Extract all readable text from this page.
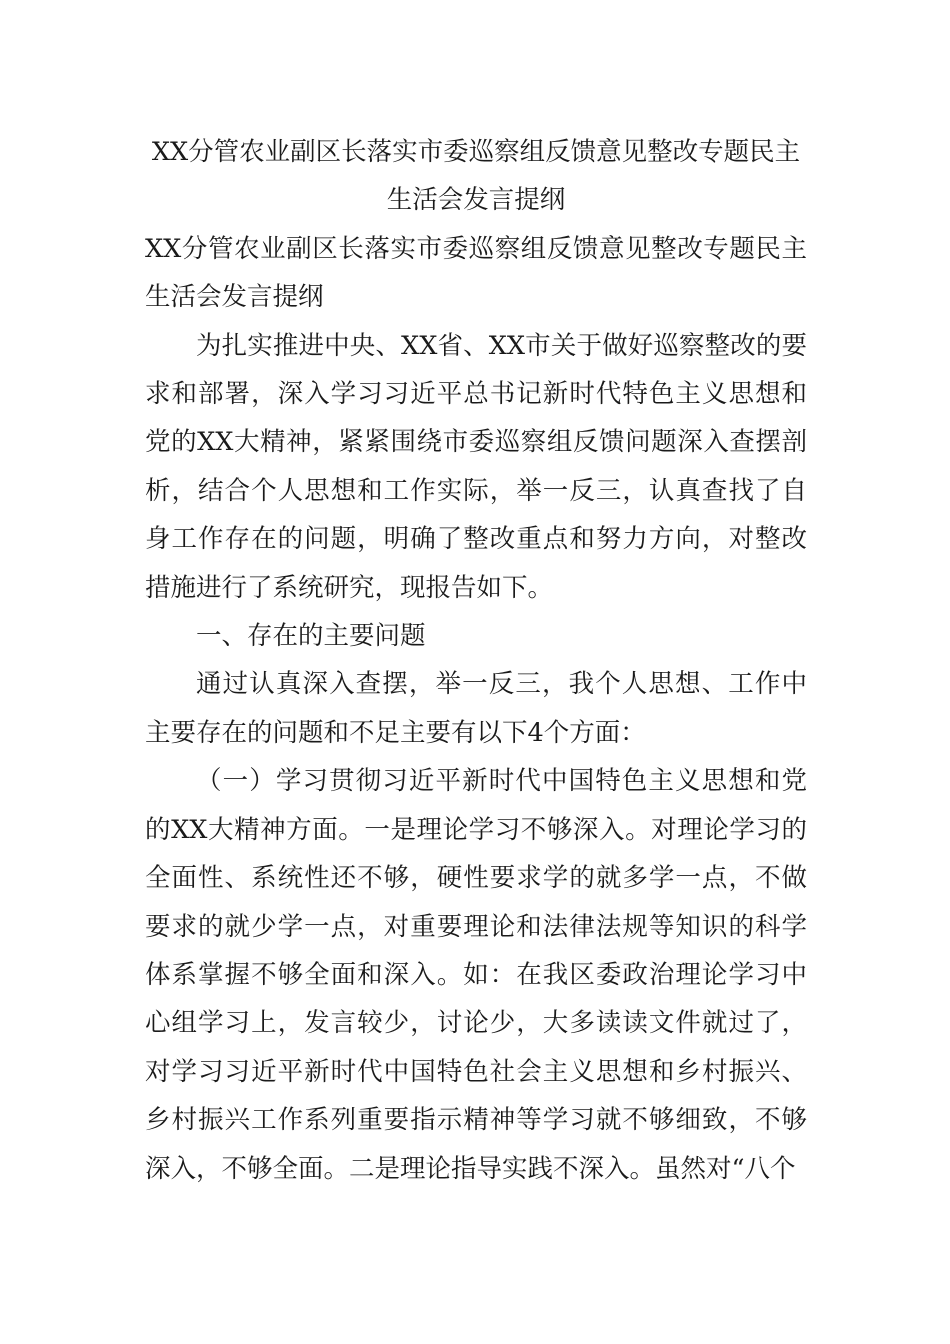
XX分管农业副区长落实市委巡察组反馈意见整改专题民主生活会发言提纲

XX分管农业副区长落实市委巡察组反馈意见整改专题民主生活会发言提纲

为扎实推进中央、XX省、XX市关于做好巡察整改的要求和部署，深入学习习近平总书记新时代特色主义思想和党的XX大精神，紧紧围绕市委巡察组反馈问题深入查摆剖析，结合个人思想和工作实际，举一反三，认真查找了自身工作存在的问题，明确了整改重点和努力方向，对整改措施进行了系统研究，现报告如下。

一、存在的主要问题

通过认真深入查摆，举一反三，我个人思想、工作中主要存在的问题和不足主要有以下4个方面：

（一）学习贯彻习近平新时代中国特色主义思想和党的XX大精神方面。一是理论学习不够深入。对理论学习的全面性、系统性还不够，硬性要求学的就多学一点，不做要求的就少学一点，对重要理论和法律法规等知识的科学体系掌握不够全面和深入。如：在我区委政治理论学习中心组学习上，发言较少，讨论少，大多读读文件就过了，对学习习近平新时代中国特色社会主义思想和乡村振兴、乡村振兴工作系列重要指示精神等学习就不够细致，不够深入，不够全面。二是理论指导实践不深入。虽然对“八个
